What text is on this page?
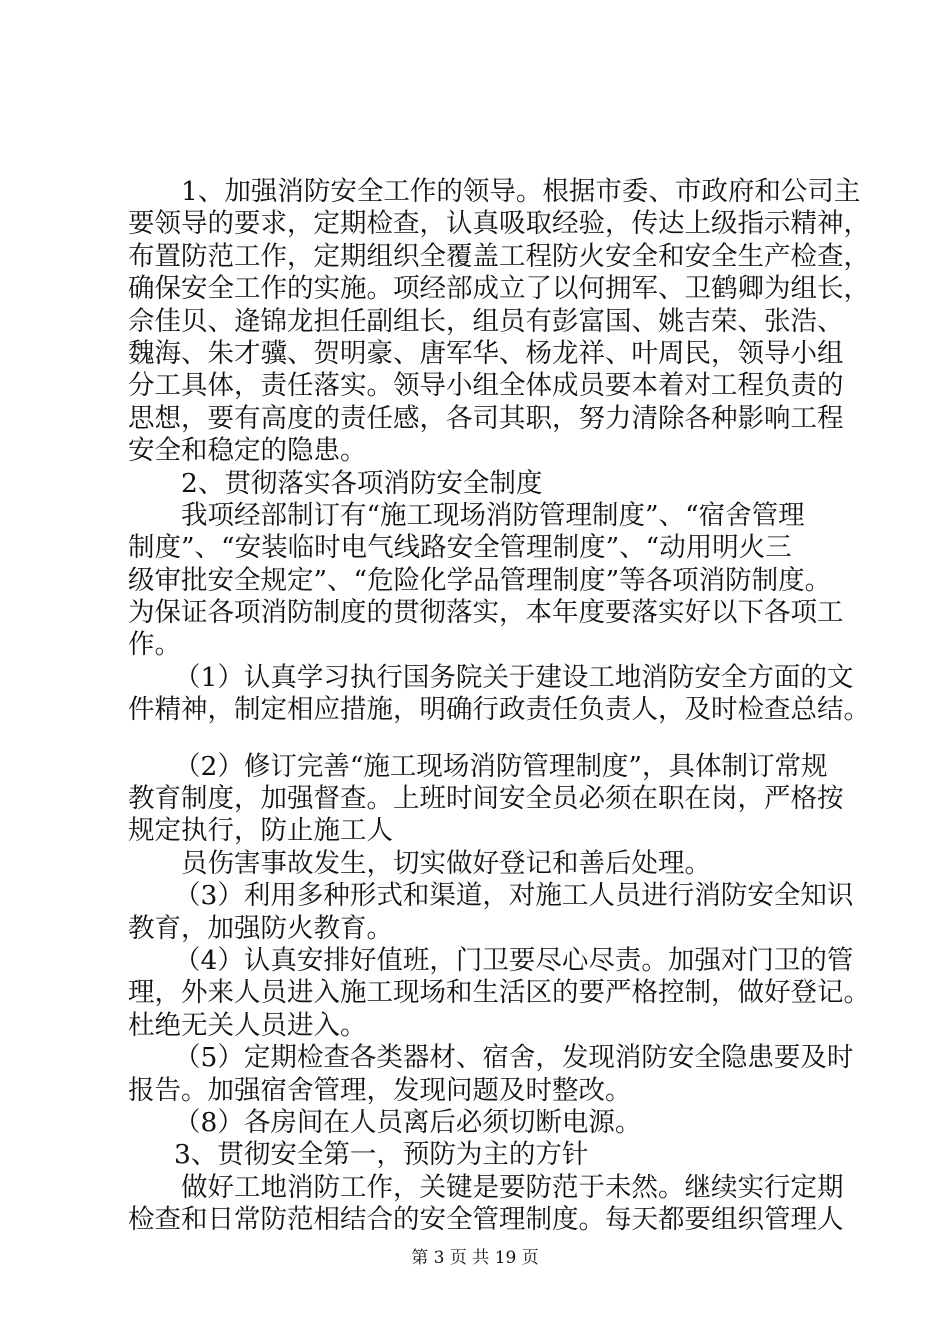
1、加强消防安全工作的领导。根据市委、市政府和公司主
要领导的要求，定期检查，认真吸取经验，传达上级指示精神，
布置防范工作，定期组织全覆盖工程防火安全和安全生产检查，
确保安全工作的实施。项经部成立了以何拥军、卫鹤卿为组长，
佘佳贝、逄锦龙担任副组长，组员有彭富国、姚吉荣、张浩、
魏海、朱才骥、贺明豪、唐军华、杨龙祥、叶周民，领导小组
分工具体，责任落实。领导小组全体成员要本着对工程负责的
思想，要有高度的责任感，各司其职，努力清除各种影响工程
安全和稳定的隐患。
2、贯彻落实各项消防安全制度
我项经部制订有“施工现场消防管理制度”、“宿舍管理
制度”、“安装临时电气线路安全管理制度”、“动用明火三
级审批安全规定”、“危险化学品管理制度”等各项消防制度。
为保证各项消防制度的贯彻落实，本年度要落实好以下各项工
作。
（1）认真学习执行国务院关于建设工地消防安全方面的文
件精神，制定相应措施，明确行政责任负责人，及时检查总结。
（2）修订完善“施工现场消防管理制度”，具体制订常规
教育制度，加强督查。上班时间安全员必须在职在岗，严格按
规定执行，防止施工人
员伤害事故发生，切实做好登记和善后处理。
（3）利用多种形式和渠道，对施工人员进行消防安全知识
教育，加强防火教育。
（4）认真安排好值班，门卫要尽心尽责。加强对门卫的管
理，外来人员进入施工现场和生活区的要严格控制，做好登记。
杜绝无关人员进入。
（5）定期检查各类器材、宿舍，发现消防安全隐患要及时
报告。加强宿舍管理，发现问题及时整改。
（8）各房间在人员离后必须切断电源。
3、贯彻安全第一，预防为主的方针
做好工地消防工作，关键是要防范于未然。继续实行定期
检查和日常防范相结合的安全管理制度。每天都要组织管理人
第 3 页 共 19 页
